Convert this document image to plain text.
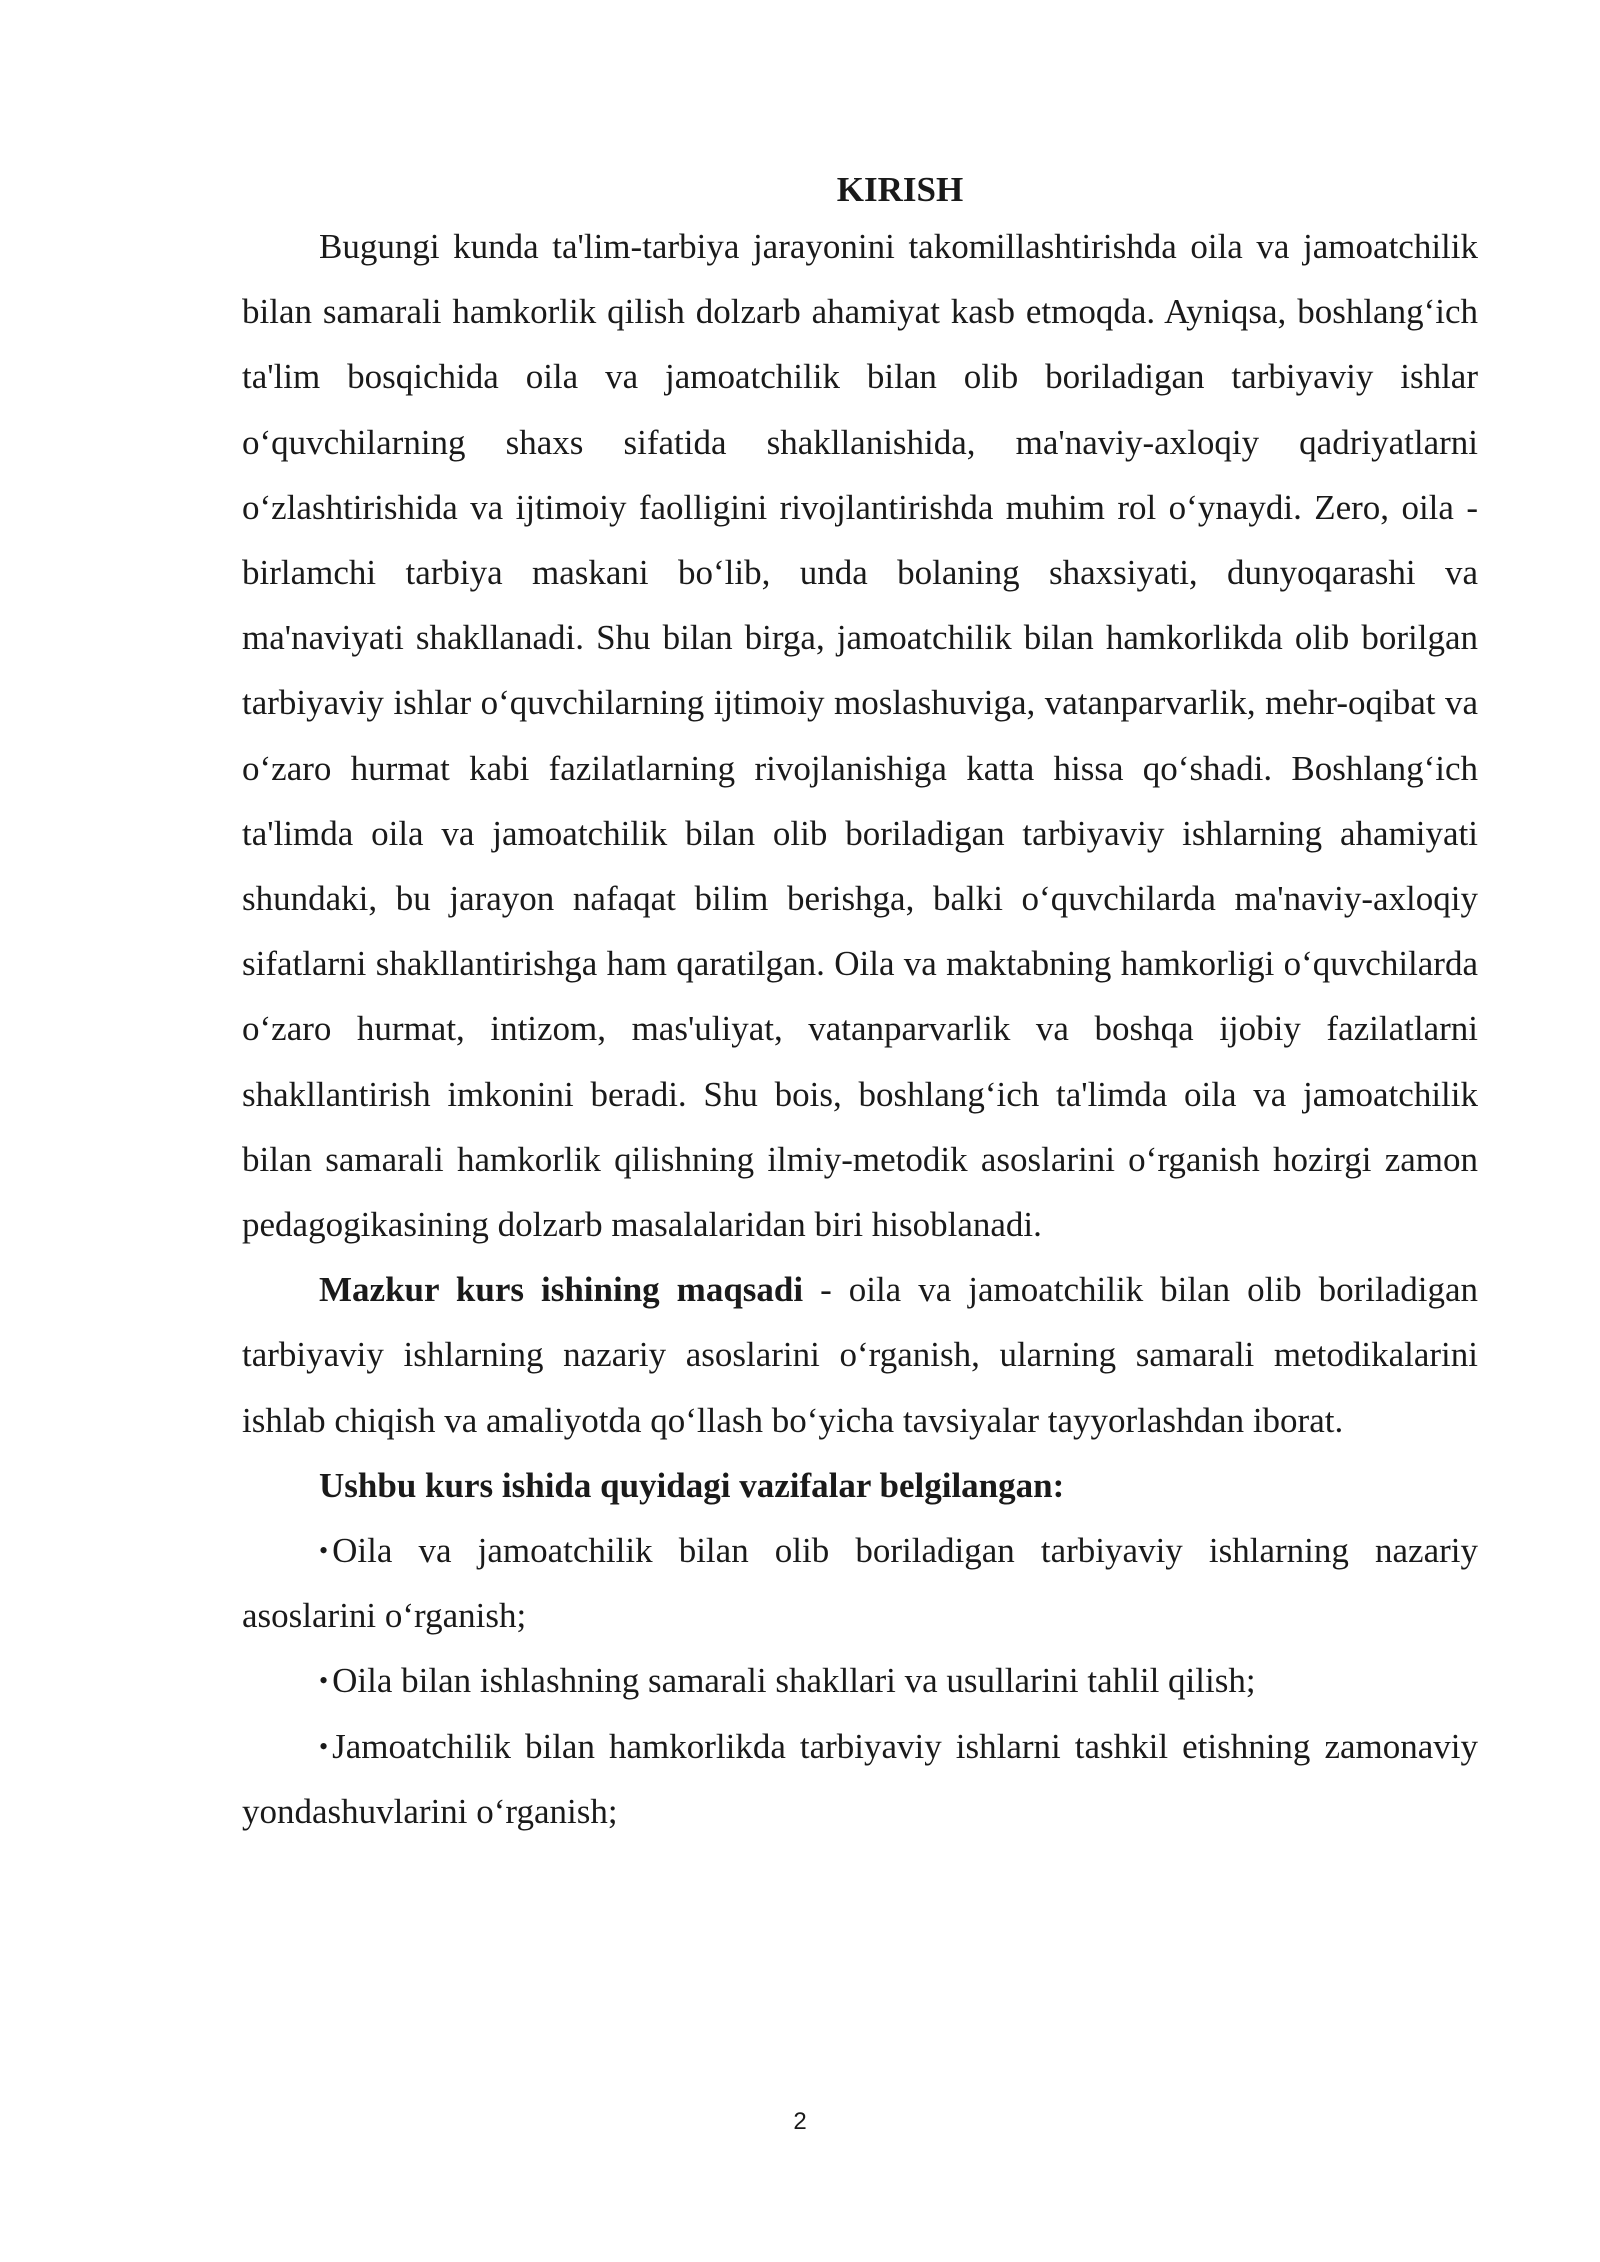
KIRISH

Bugungi kunda ta'lim-tarbiya jarayonini takomillashtirishda oila va jamoatchilik bilan samarali hamkorlik qilish dolzarb ahamiyat kasb etmoqda. Ayniqsa, boshlang‘ich ta'lim bosqichida oila va jamoatchilik bilan olib boriladigan tarbiyaviy ishlar o‘quvchilarning shaxs sifatida shakllanishida, ma'naviy-axloqiy qadriyatlarni o‘zlashtirishida va ijtimoiy faolligini rivojlantirishda muhim rol o‘ynaydi. Zero, oila - birlamchi tarbiya maskani bo‘lib, unda bolaning shaxsiyati, dunyoqarashi va ma'naviyati shakllanadi. Shu bilan birga, jamoatchilik bilan hamkorlikda olib borilgan tarbiyaviy ishlar o‘quvchilarning ijtimoiy moslashuviga, vatanparvarlik, mehr-oqibat va o‘zaro hurmat kabi fazilatlarning rivojlanishiga katta hissa qo‘shadi. Boshlang‘ich ta'limda oila va jamoatchilik bilan olib boriladigan tarbiyaviy ishlarning ahamiyati shundaki, bu jarayon nafaqat bilim berishga, balki o‘quvchilarda ma'naviy-axloqiy sifatlarni shakllantirishga ham qaratilgan. Oila va maktabning hamkorligi o‘quvchilarda o‘zaro hurmat, intizom, mas'uliyat, vatanparvarlik va boshqa ijobiy fazilatlarni shakllantirish imkonini beradi. Shu bois, boshlang‘ich ta'limda oila va jamoatchilik bilan samarali hamkorlik qilishning ilmiy-metodik asoslarini o‘rganish hozirgi zamon pedagogikasining dolzarb masalalaridan biri hisoblanadi.

Mazkur kurs ishining maqsadi - oila va jamoatchilik bilan olib boriladigan tarbiyaviy ishlarning nazariy asoslarini o‘rganish, ularning samarali metodikalarini ishlab chiqish va amaliyotda qo‘llash bo‘yicha tavsiyalar tayyorlashdan iborat.

Ushbu kurs ishida quyidagi vazifalar belgilangan:

• Oila va jamoatchilik bilan olib boriladigan tarbiyaviy ishlarning nazariy asoslarini o‘rganish;

• Oila bilan ishlashning samarali shakllari va usullarini tahlil qilish;

• Jamoatchilik bilan hamkorlikda tarbiyaviy ishlarni tashkil etishning zamonaviy yondashuvlarini o‘rganish;

2
